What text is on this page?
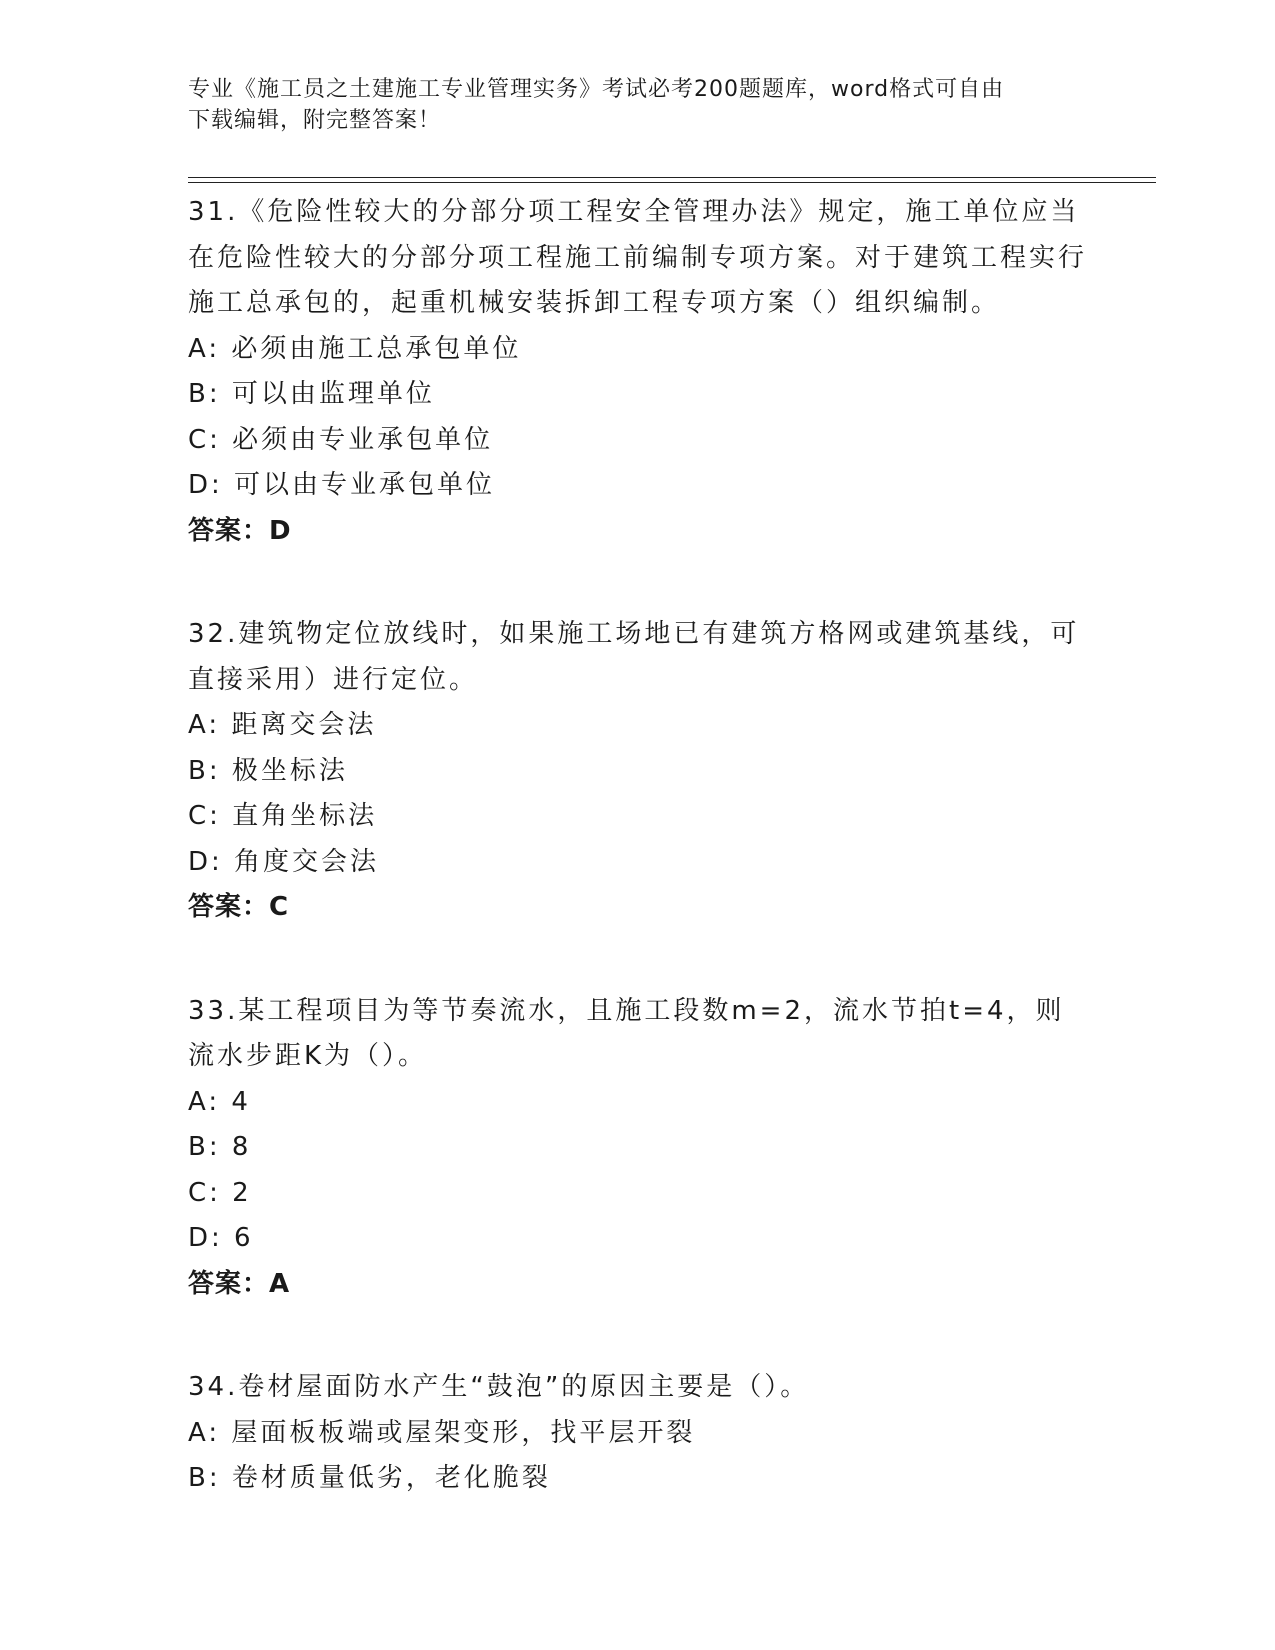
专业《施工员之土建施工专业管理实务》考试必考200题题库，word格式可自由
下载编辑，附完整答案！
31.《危险性较大的分部分项工程安全管理办法》规定，施工单位应当在危险性较大的分部分项工程施工前编制专项方案。对于建筑工程实行施工总承包的，起重机械安装拆卸工程专项方案（）组织编制。
A: 必须由施工总承包单位
B: 可以由监理单位
C: 必须由专业承包单位
D: 可以由专业承包单位
答案：D
32.建筑物定位放线时，如果施工场地已有建筑方格网或建筑基线，可直接采用）进行定位。
A: 距离交会法
B: 极坐标法
C: 直角坐标法
D: 角度交会法
答案：C
33.某工程项目为等节奏流水，且施工段数m=2，流水节拍t=4，则流水步距K为（）。
A: 4
B: 8
C: 2
D: 6
答案：A
34.卷材屋面防水产生“鼓泡”的原因主要是（）。
A: 屋面板板端或屋架变形，找平层开裂
B: 卷材质量低劣，老化脆裂
